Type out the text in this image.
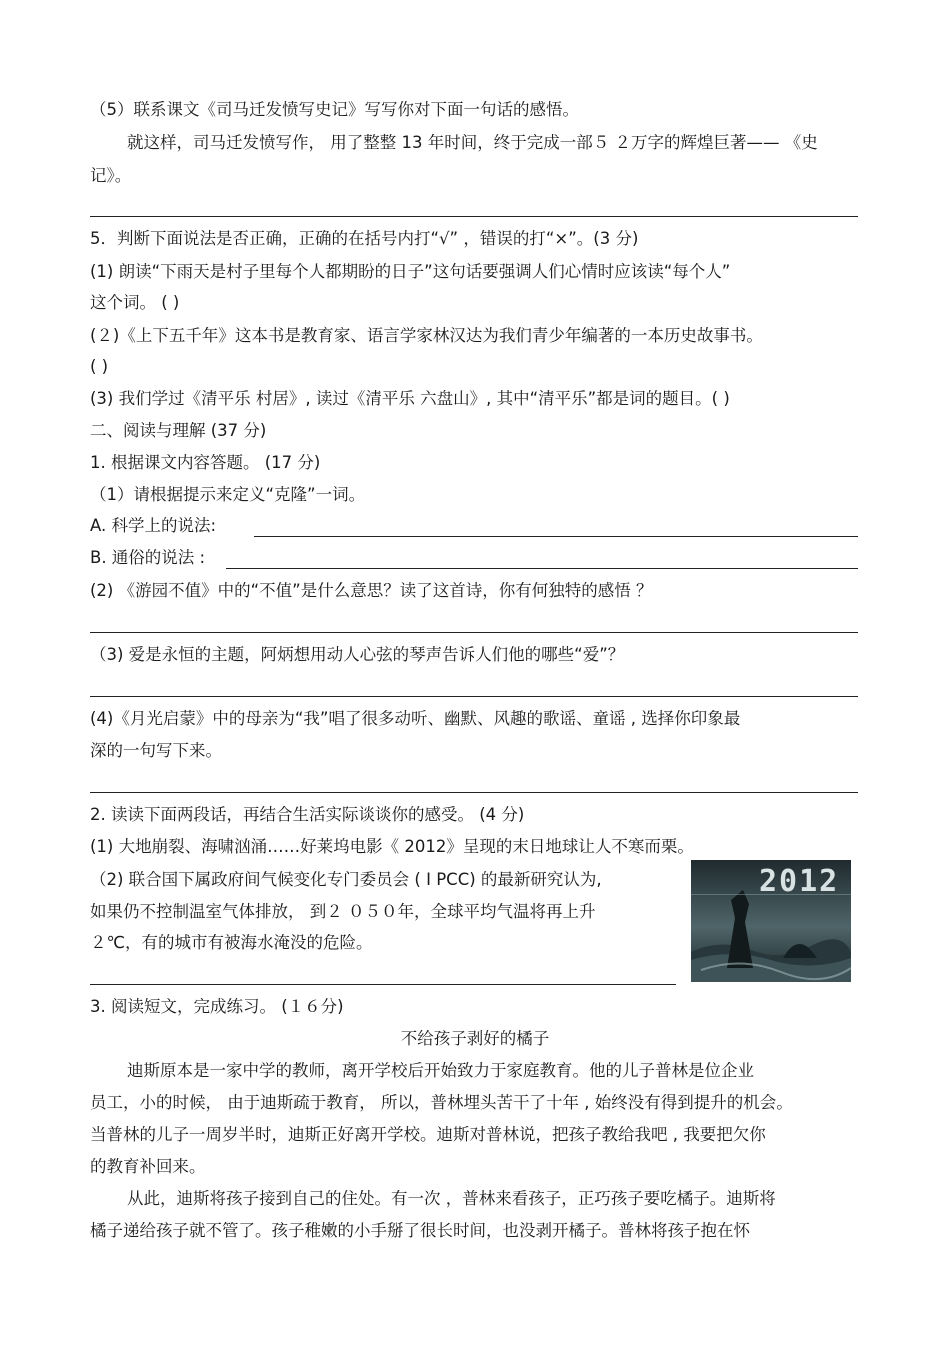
（5）联系课文《司马迁发愤写史记》写写你对下面一句话的感悟。
就这样，司马迁发愤写作， 用了整整 13 年时间，终于完成一部５ ２万字的辉煌巨著—— 《史
记》。
5．判断下面说法是否正确，正确的在括号内打“√” ，错误的打“×”。(3 分)
(1) 朗读“下雨天是村子里每个人都期盼的日子”这句话要强调人们心情时应该读“每个人”
这个词。 ( )
(２)《上下五千年》这本书是教育家、语言学家林汉达为我们青少年编著的一本历史故事书。
( )
(3) 我们学过《清平乐 村居》, 读过《清平乐 六盘山》, 其中“清平乐”都是词的题目。( )
二、阅读与理解 (37 分)
1. 根据课文内容答题。 (17 分)
（1）请根据提示来定义“克隆”一词。
A. 科学上的说法:
B. 通俗的说法 :
(2) 《游园不值》中的“不值”是什么意思？读了这首诗，你有何独特的感悟 ？
（3) 爱是永恒的主题，阿炳想用动人心弦的琴声告诉人们他的哪些“爱”？
(4)《月光启蒙》中的母亲为“我”唱了很多动听、幽默、风趣的歌谣、童谣 , 选择你印象最
深的一句写下来。
2. 读读下面两段话，再结合生活实际谈谈你的感受。 (4 分)
(1) 大地崩裂、海啸汹涌……好莱坞电影《 2012》呈现的末日地球让人不寒而栗。
（2) 联合国下属政府间气候变化专门委员会 ( I PCC) 的最新研究认为,
如果仍不控制温室气体排放， 到２ ０５０年，全球平均气温将再上升
２℃，有的城市有被海水淹没的危险。
2012
3. 阅读短文，完成练习。 (１６分)
不给孩子剥好的橘子
迪斯原本是一家中学的教师，离开学校后开始致力于家庭教育。他的儿子普林是位企业
员工，小的时候， 由于迪斯疏于教育， 所以，普林埋头苦干了十年 , 始终没有得到提升的机会。
当普林的儿子一周岁半时，迪斯正好离开学校。迪斯对普林说，把孩子教给我吧 , 我要把欠你
的教育补回来。
从此，迪斯将孩子接到自己的住处。有一次 ，普林来看孩子，正巧孩子要吃橘子。迪斯将
橘子递给孩子就不管了。孩子稚嫩的小手掰了很长时间，也没剥开橘子。普林将孩子抱在怀
